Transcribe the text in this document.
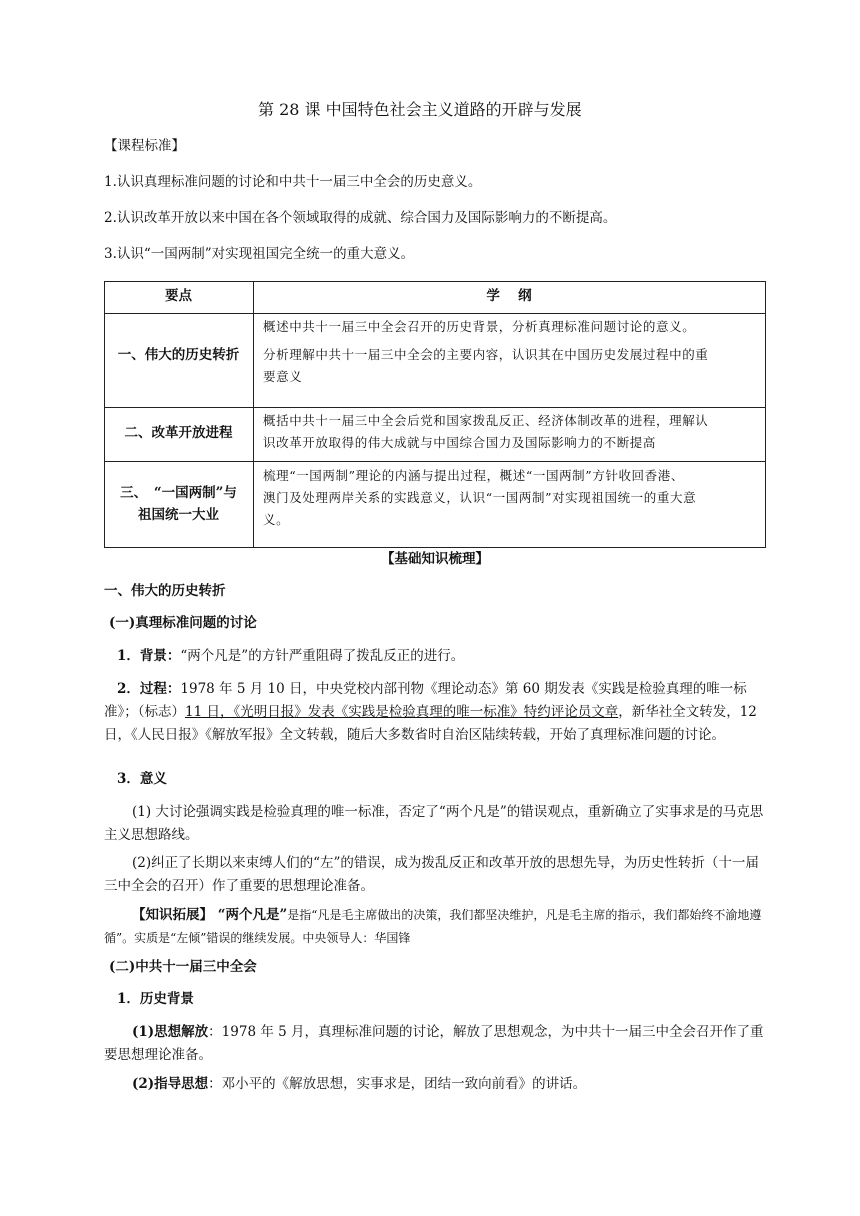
第 28 课 中国特色社会主义道路的开辟与发展
【课程标准】
1.认识真理标准问题的讨论和中共十一届三中全会的历史意义。
2.认识改革开放以来中国在各个领域取得的成就、综合国力及国际影响力的不断提高。
3.认识“一国两制”对实现祖国完全统一的重大意义。
要点	学　 纲
一、伟大的历史转折

概述中共十一届三中全会召开的历史背景，分析真理标准问题讨论的意义。

分析理解中共十一届三中全会的主要内容，认识其在中国历史发展过程中的重

要意义

二、改革开放进程

概括中共十一届三中全会后党和国家拨乱反正、经济体制改革的进程，理解认

识改革开放取得的伟大成就与中国综合国力及国际影响力的不断提高

三、　“一国两制”与
祖国统一大业

梳理“一国两制”理论的内涵与提出过程，概述“一国两制”方针收回香港、

澳门及处理两岸关系的实践意义，认识“一国两制”对实现祖国统一的重大意

义。

【基础知识梳理】
一、伟大的历史转折
(一)真理标准问题的讨论
1．背景：“两个凡是”的方针严重阻碍了拨乱反正的进行。
2．过程：1978 年 5 月 10 日，中央党校内部刊物《理论动态》第 60 期发表《实践是检验真理的唯一标准》；（标志）11 日，《光明日报》发表《实践是检验真理的唯一标准》特约评论员文章，新华社全文转发，12 日，《人民日报》《解放军报》全文转载，随后大多数省时自治区陆续转载，开始了真理标准问题的讨论。
3．意义
(1) 大讨论强调实践是检验真理的唯一标准，否定了“两个凡是”的错误观点，重新确立了实事求是的马克思主义思想路线。
(2)纠正了长期以来束缚人们的“左”的错误，成为拨乱反正和改革开放的思想先导，为历史性转折（十一届三中全会的召开）作了重要的思想理论准备。
【知识拓展】 “两个凡是”是指“凡是毛主席做出的决策，我们都坚决维护，凡是毛主席的指示，我们都始终不渝地遵循”。实质是“左倾”错误的继续发展。中央领导人：华国锋
(二)中共十一届三中全会
1．历史背景
(1)思想解放：1978 年 5 月，真理标准问题的讨论，解放了思想观念，为中共十一届三中全会召开作了重要思想理论准备。
(2)指导思想：邓小平的《解放思想，实事求是，团结一致向前看》的讲话。
